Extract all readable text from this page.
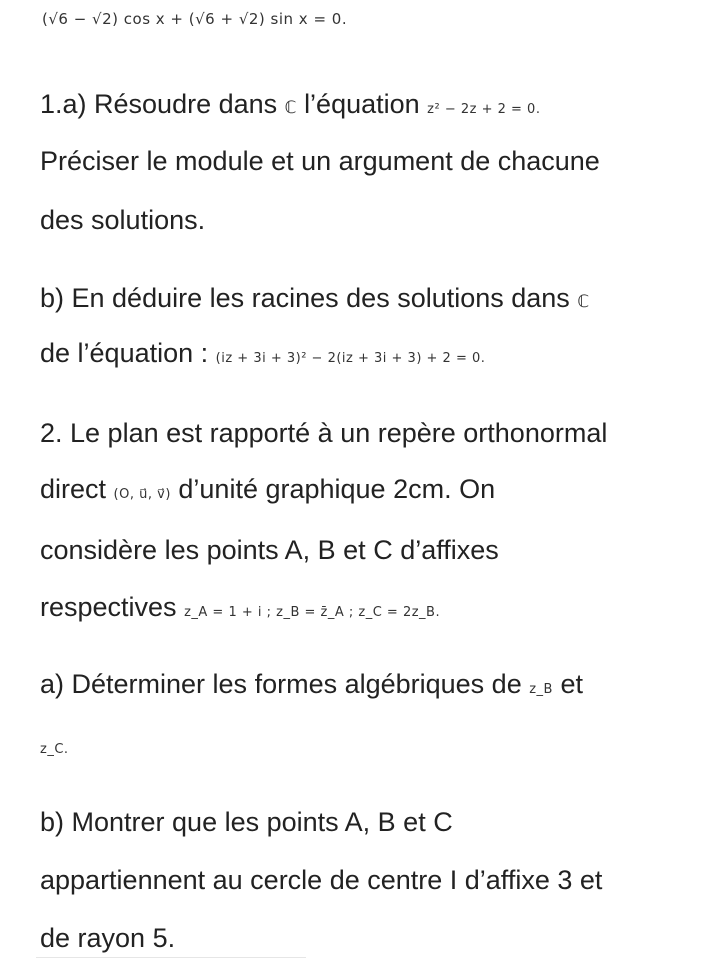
(√6 − √2) cos x + (√6 + √2) sin x = 0.
1.a) Résoudre dans ℂ l’équation z² − 2z + 2 = 0.
Préciser le module et un argument de chacune
des solutions.
b) En déduire les racines des solutions dans ℂ
de l’équation : (iz + 3i + 3)² − 2(iz + 3i + 3) + 2 = 0.
2. Le plan est rapporté à un repère orthonormal
direct (O, u⃗, v⃗) d’unité graphique 2cm. On
considère les points A, B et C d’affixes
respectives z_A = 1 + i ; z_B = z̄_A ; z_C = 2z_B.
a) Déterminer les formes algébriques de z_B et
z_C.
b) Montrer que les points A, B et C
appartiennent au cercle de centre I d’affixe 3 et
de rayon 5.
